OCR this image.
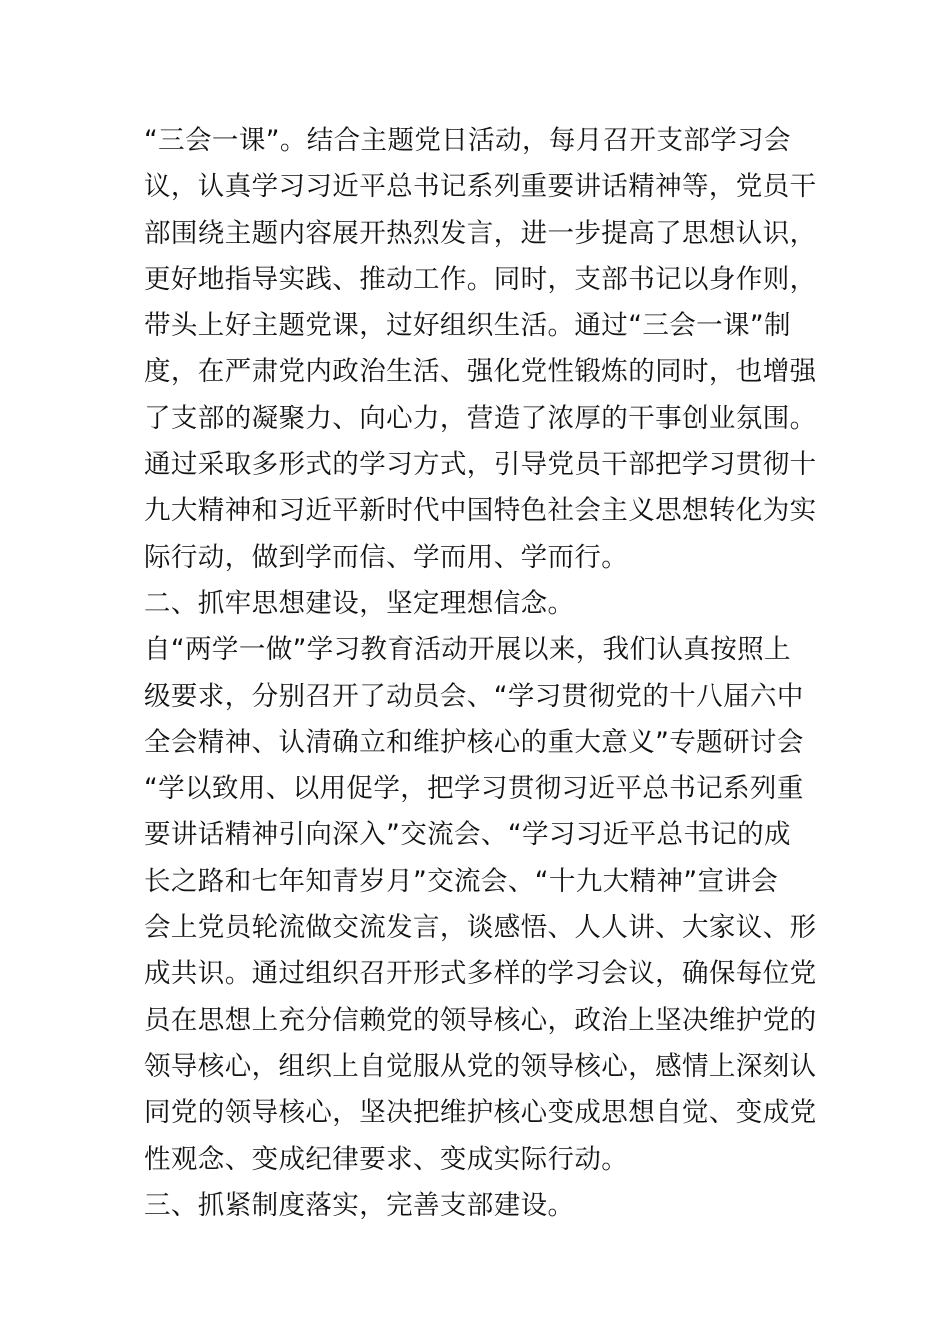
“三会一课”。结合主题党日活动，每月召开支部学习会
议，认真学习习近平总书记系列重要讲话精神等，党员干
部围绕主题内容展开热烈发言，进一步提高了思想认识，
更好地指导实践、推动工作。同时，支部书记以身作则，
带头上好主题党课，过好组织生活。通过“三会一课”制
度，在严肃党内政治生活、强化党性锻炼的同时，也增强
了支部的凝聚力、向心力，营造了浓厚的干事创业氛围。
通过采取多形式的学习方式，引导党员干部把学习贯彻十
九大精神和习近平新时代中国特色社会主义思想转化为实
际行动，做到学而信、学而用、学而行。
二、抓牢思想建设，坚定理想信念。
自“两学一做”学习教育活动开展以来，我们认真按照上
级要求，分别召开了动员会、“学习贯彻党的十八届六中
全会精神、认清确立和维护核心的重大意义”专题研讨会
“学以致用、以用促学，把学习贯彻习近平总书记系列重
要讲话精神引向深入”交流会、“学习习近平总书记的成
长之路和七年知青岁月”交流会、“十九大精神”宣讲会
会上党员轮流做交流发言，谈感悟、人人讲、大家议、形
成共识。通过组织召开形式多样的学习会议，确保每位党
员在思想上充分信赖党的领导核心，政治上坚决维护党的
领导核心，组织上自觉服从党的领导核心，感情上深刻认
同党的领导核心，坚决把维护核心变成思想自觉、变成党
性观念、变成纪律要求、变成实际行动。
三、抓紧制度落实，完善支部建设。
